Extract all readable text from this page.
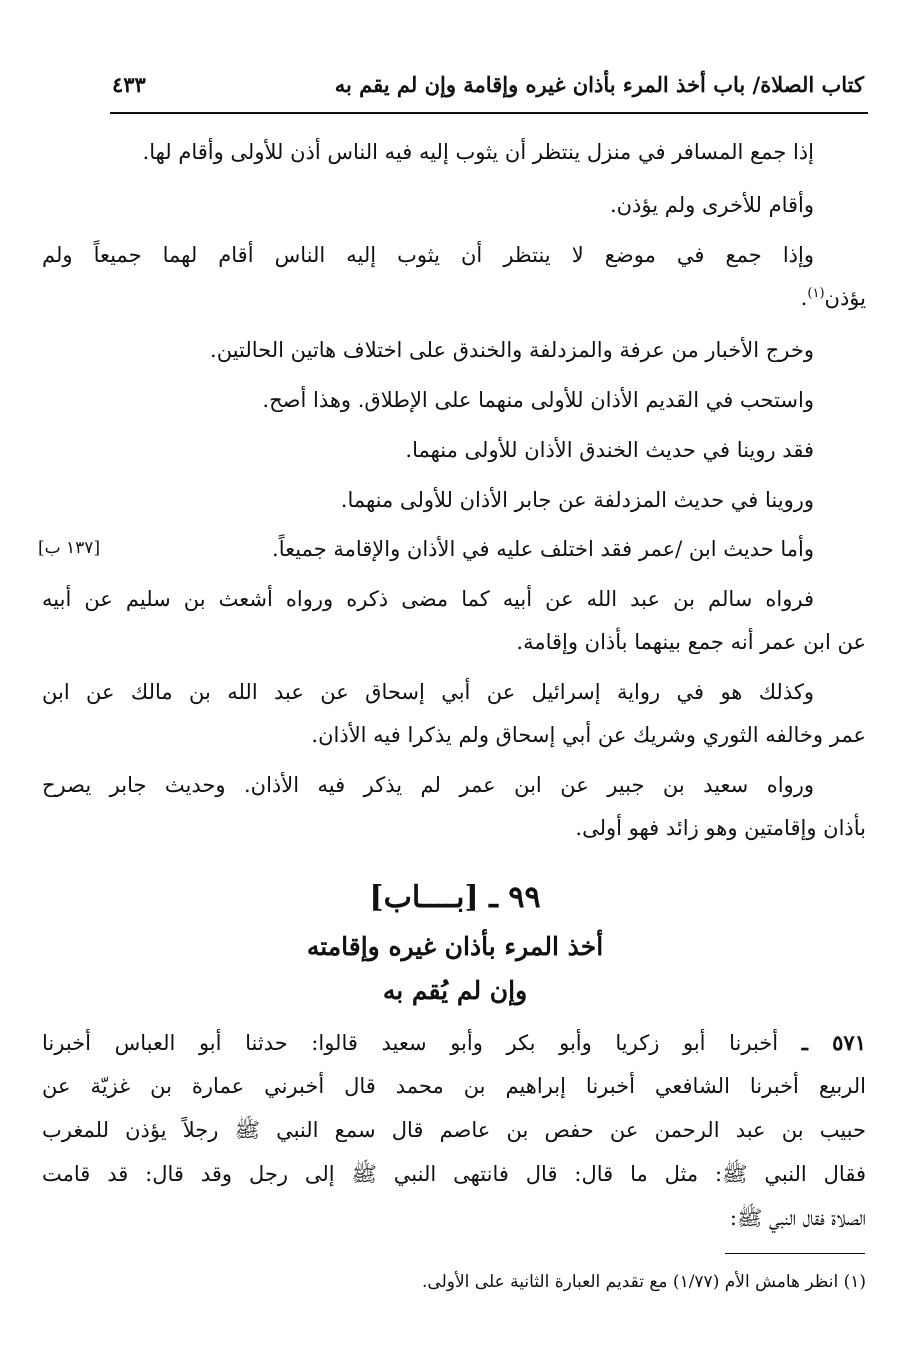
كتاب الصلاة/ باب أخذ المرء بأذان غيره وإقامة وإن لم يقم به
٤٣٣
إذا جمع المسافر في منزل ينتظر أن يثوب إليه فيه الناس أذن للأولى وأقام لها.
وأقام للأخرى ولم يؤذن.
وإذا جمع في موضع لا ينتظر أن يثوب إليه الناس أقام لهما جميعاً ولم
يؤذن$^{(١)}$.
وخرج الأخبار من عرفة والمزدلفة والخندق على اختلاف هاتين الحالتين.
واستحب في القديم الأذان للأولى منهما على الإطلاق. وهذا أصح.
فقد روينا في حديث الخندق الأذان للأولى منهما.
وروينا في حديث المزدلفة عن جابر الأذان للأولى منهما.
وأما حديث ابن /عمر فقد اختلف عليه في الأذان والإقامة جميعاً.
[١٣٧ ب]
فرواه سالم بن عبد الله عن أبيه كما مضى ذكره ورواه أشعث بن سليم عن أبيه
عن ابن عمر أنه جمع بينهما بأذان وإقامة.
وكذلك هو في رواية إسرائيل عن أبي إسحاق عن عبد الله بن مالك عن ابن
عمر وخالفه الثوري وشريك عن أبي إسحاق ولم يذكرا فيه الأذان.
ورواه سعيد بن جبير عن ابن عمر لم يذكر فيه الأذان. وحديث جابر يصرح
بأذان وإقامتين وهو زائد فهو أولى.
٩٩ ـ [بــــاب]
أخذ المرء بأذان غيره وإقامته
وإن لم يُقم به
٥٧١ ـ أخبرنا أبو زكريا وأبو بكر وأبو سعيد قالوا: حدثنا أبو العباس أخبرنا
الربيع أخبرنا الشافعي أخبرنا إبراهيم بن محمد قال أخبرني عمارة بن غزيّة عن
حبيب بن عبد الرحمن عن حفص بن عاصم قال سمع النبي ﷺ رجلاً يؤذن للمغرب
فقال النبي ﷺ: مثل ما قال: قال فانتهى النبي ﷺ إلى رجل وقد قال: قد قامت
الصلاة فقال النبي ﷺ:
(١) انظر هامش الأم (١/٧٧) مع تقديم العبارة الثانية على الأولى.
